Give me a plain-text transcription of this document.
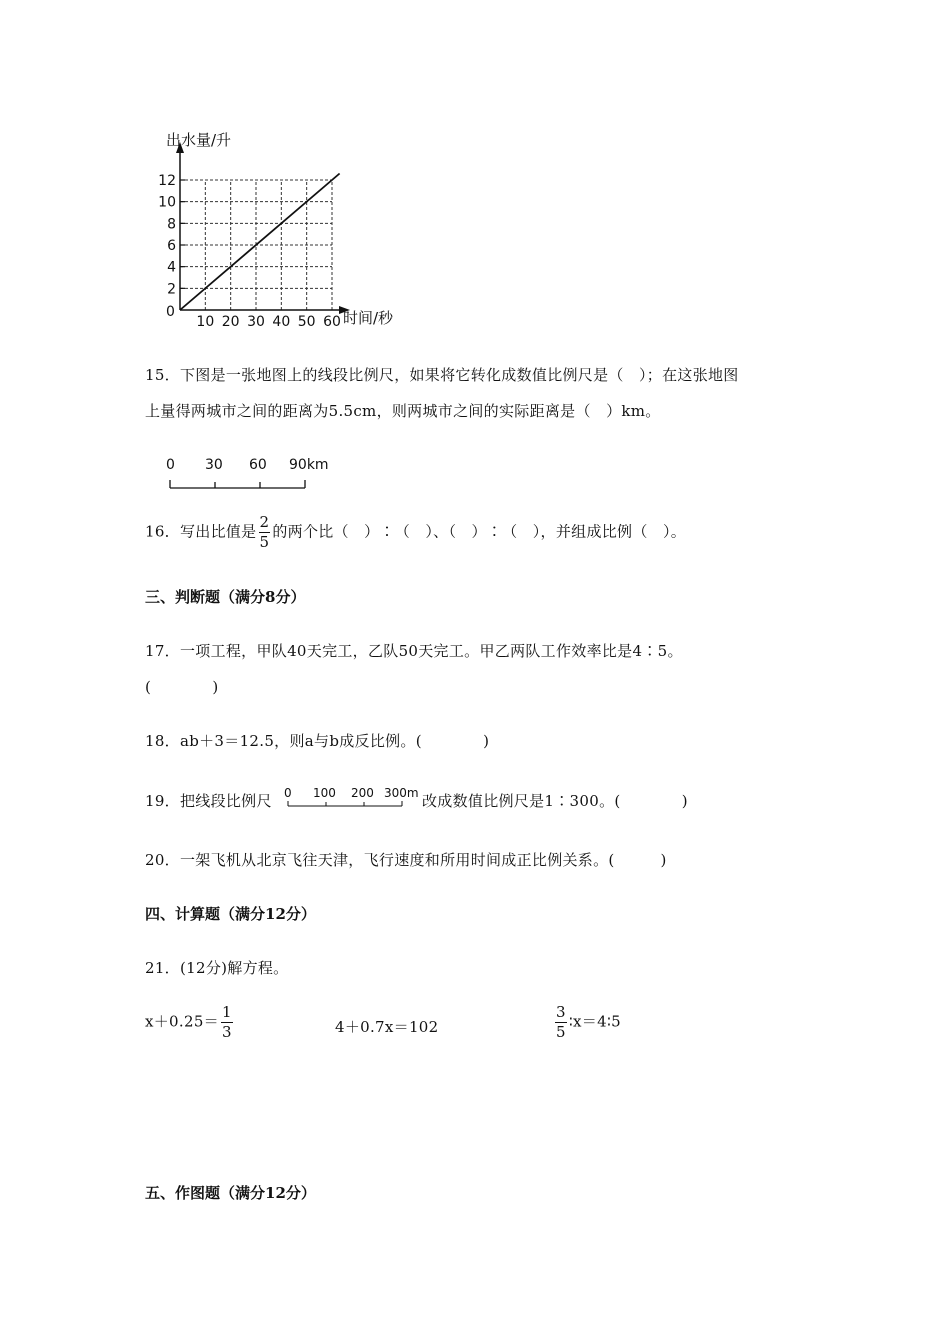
10 20 30 40 50 60
2
4
6
8
10
12
出水量/升
时间/秒
0
15．下图是一张地图上的线段比例尺，如果将它转化成数值比例尺是（　）；在这张地图
上量得两城市之间的距离为5.5cm，则两城市之间的实际距离是（　）km。
0 30 60 90km
16．写出比值是 $\frac{2}{5}$ 的两个比（　）∶（　）、（　）∶（　），并组成比例（　）。
三、判断题（满分8分）
17．一项工程，甲队40天完工，乙队50天完工。甲乙两队工作效率比是4∶5。
(　　　　)
18．ab＋3＝12.5，则a与b成反比例。(　　　　)
19．把线段比例尺 0 100 200 300m 改成数值比例尺是1∶300。(　　　　)
20．一架飞机从北京飞往天津，飞行速度和所用时间成正比例关系。(　　　)
四、计算题（满分12分）
21．(12分)解方程。
$x+0.25= \frac{1}{3}$	4＋0.7x＝102	$\frac{3}{5}$ ∶x＝4∶5
五、作图题（满分12分）
